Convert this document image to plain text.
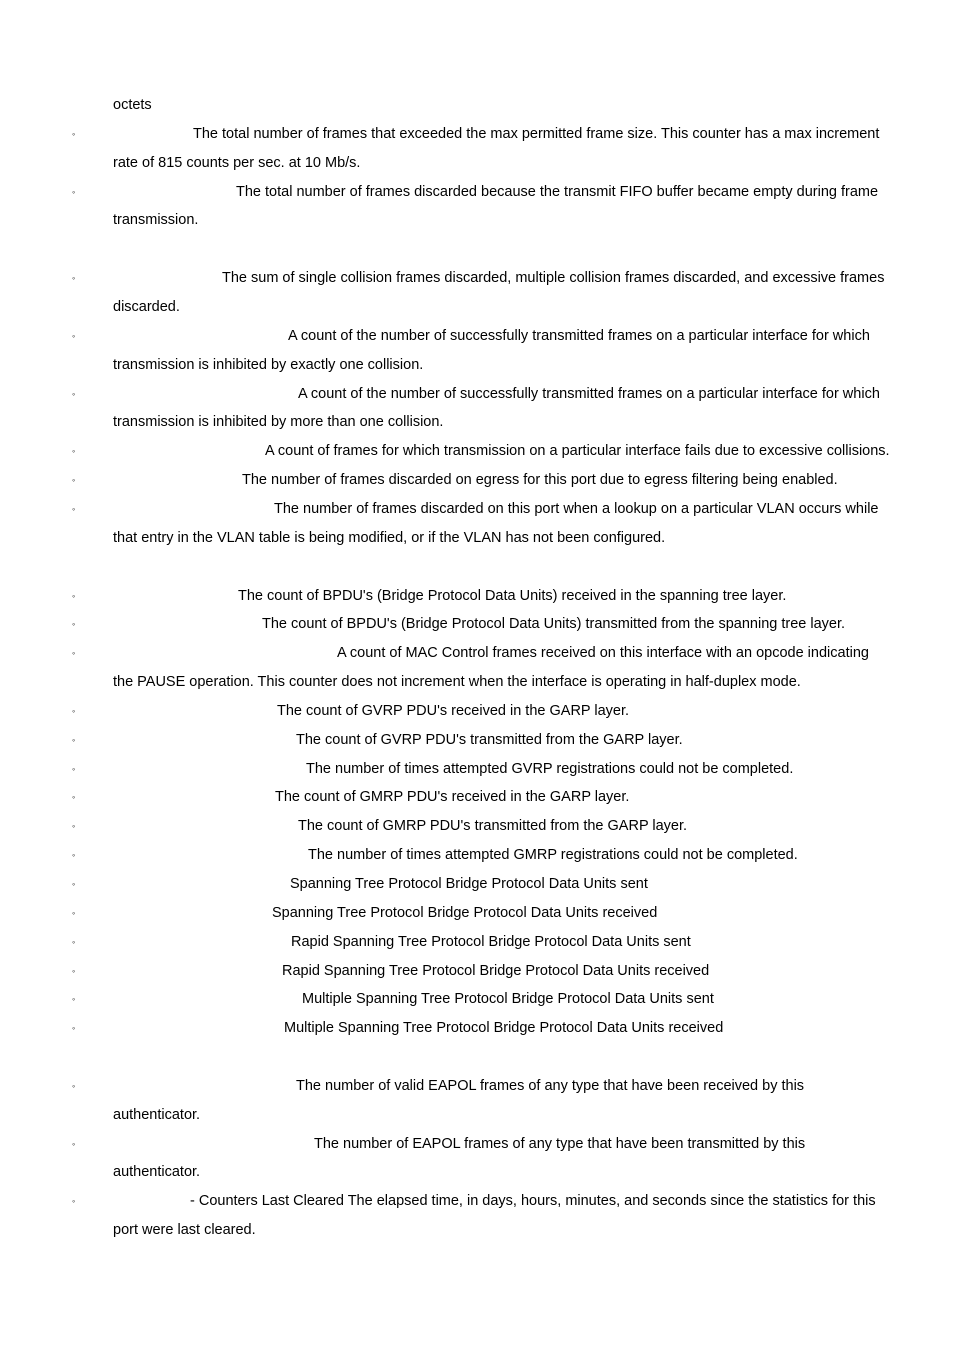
octets
◦	The total number of frames that exceeded the max permitted frame size. This counter has a max increment
rate of 815 counts per sec. at 10 Mb/s.
◦	The total number of frames discarded because the transmit FIFO buffer became empty during frame
transmission.
◦	The sum of single collision frames discarded, multiple collision frames discarded, and excessive frames
discarded.
◦	A count of the number of successfully transmitted frames on a particular interface for which
transmission is inhibited by exactly one collision.
◦	A count of the number of successfully transmitted frames on a particular interface for which
transmission is inhibited by more than one collision.
◦	A count of frames for which transmission on a particular interface fails due to excessive collisions.
◦	The number of frames discarded on egress for this port due to egress filtering being enabled.
◦	The number of frames discarded on this port when a lookup on a particular VLAN occurs while
that entry in the VLAN table is being modified, or if the VLAN has not been configured.
◦	The count of BPDU's (Bridge Protocol Data Units) received in the spanning tree layer.
◦	The count of BPDU's (Bridge Protocol Data Units) transmitted from the spanning tree layer.
◦	A count of MAC Control frames received on this interface with an opcode indicating
the PAUSE operation. This counter does not increment when the interface is operating in half-duplex mode.
◦	The count of GVRP PDU's received in the GARP layer.
◦	The count of GVRP PDU's transmitted from the GARP layer.
◦	The number of times attempted GVRP registrations could not be completed.
◦	The count of GMRP PDU's received in the GARP layer.
◦	The count of GMRP PDU's transmitted from the GARP layer.
◦	The number of times attempted GMRP registrations could not be completed.
◦	Spanning Tree Protocol Bridge Protocol Data Units sent
◦	Spanning Tree Protocol Bridge Protocol Data Units received
◦	Rapid Spanning Tree Protocol Bridge Protocol Data Units sent
◦	Rapid Spanning Tree Protocol Bridge Protocol Data Units received
◦	Multiple Spanning Tree Protocol Bridge Protocol Data Units sent
◦	Multiple Spanning Tree Protocol Bridge Protocol Data Units received
◦	The number of valid EAPOL frames of any type that have been received by this
authenticator.
◦	The number of EAPOL frames of any type that have been transmitted by this
authenticator.
◦	- Counters Last Cleared The elapsed time, in days, hours, minutes, and seconds since the statistics for this
port were last cleared.
